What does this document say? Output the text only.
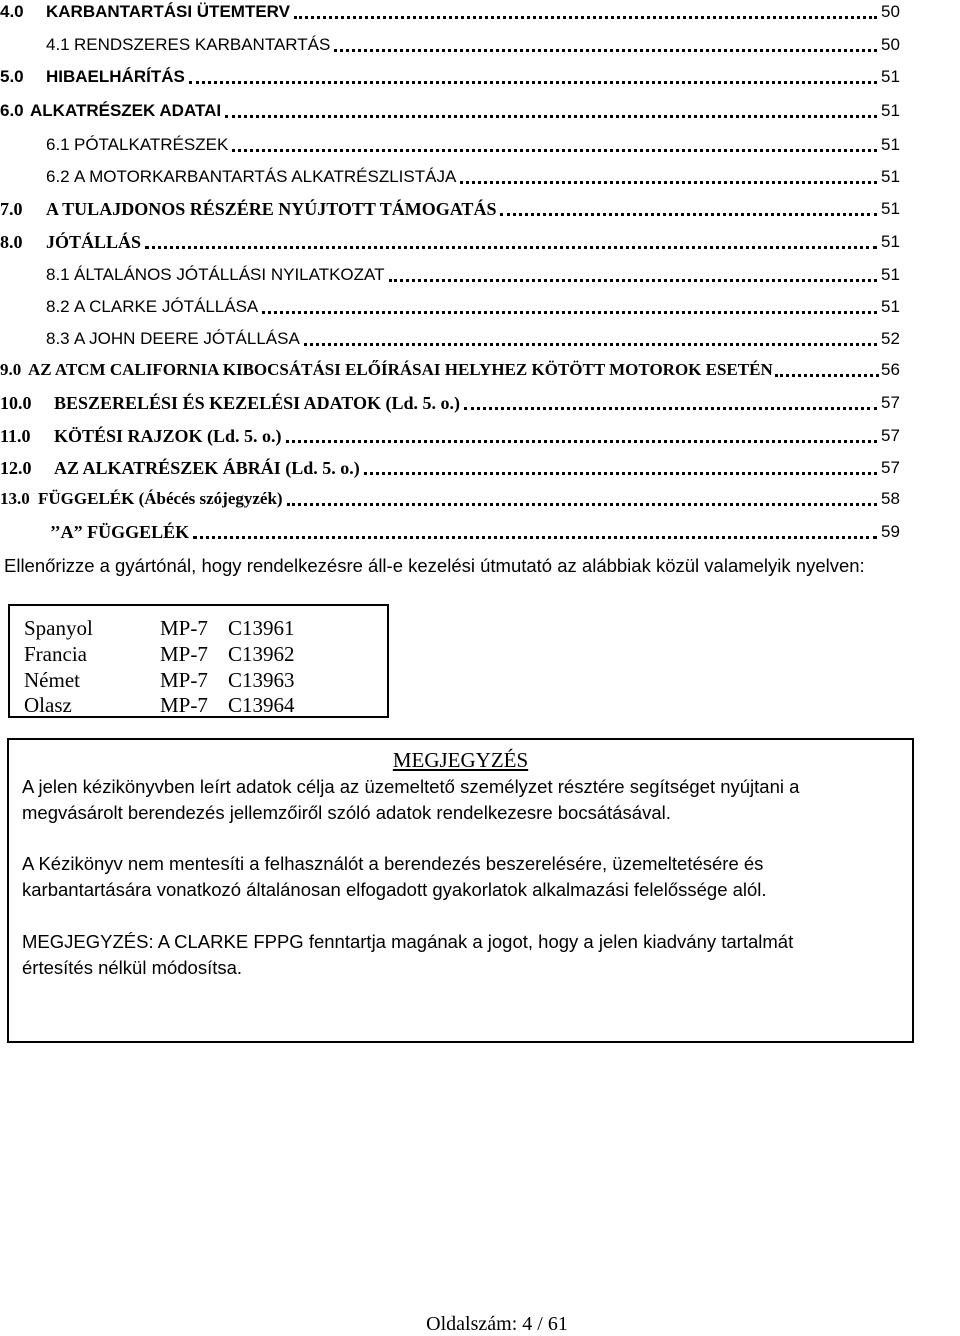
4.0	KARBANTARTÁSI ÜTEMTERV	50
4.1 RENDSZERES KARBANTARTÁS	50
5.0	HIBAELHÁRÍTÁS	51
6.0 ALKATRÉSZEK ADATAI	51
6.1 PÓTALKATRÉSZEK	51
6.2 A MOTORKARBANTARTÁS ALKATRÉSZLISTÁJA	51
7.0	A TULAJDONOS RÉSZÉRE NYÚJTOTT TÁMOGATÁS	51
8.0	JÓTÁLLÁS	51
8.1 ÁLTALÁNOS JÓTÁLLÁSI NYILATKOZAT	51
8.2 A CLARKE JÓTÁLLÁSA	51
8.3 A JOHN DEERE JÓTÁLLÁSA	52
9.0 AZ ATCM CALIFORNIA KIBOCSÁTÁSI ELŐÍRÁSAI HELYHEZ KÖTÖTT MOTOROK ESETÉN	56
10.0	BESZERELÉSI ÉS KEZELÉSI ADATOK (Ld. 5. o.)	57
11.0	KÖTÉSI RAJZOK (Ld. 5. o.)	57
12.0	AZ ALKATRÉSZEK ÁBRÁI (Ld. 5. o.)	57
13.0 FÜGGELÉK (Ábécés szójegyzék)	58
’’A” FÜGGELÉK	59
Ellenőrizze a gyártónál, hogy rendelkezésre áll-e kezelési útmutató az alábbiak közül valamelyik nyelven:
Spanyol	MP-7 C13961
Francia	MP-7 C13962
Német	MP-7 C13963
Olasz	MP-7 C13964
MEGJEGYZÉS
A jelen kézikönyvben leírt adatok célja az üzemeltető személyzet résztére segítséget nyújtani a
megvásárolt berendezés jellemzőiről szóló adatok rendelkezesre bocsátásával.
A Kézikönyv nem mentesíti a felhasználót a berendezés beszerelésére, üzemeltetésére és
karbantartására vonatkozó általánosan elfogadott gyakorlatok alkalmazási felelőssége alól.
MEGJEGYZÉS: A CLARKE FPPG fenntartja magának a jogot, hogy a jelen kiadvány tartalmát
értesítés nélkül módosítsa.
Oldalszám: 4 / 61
